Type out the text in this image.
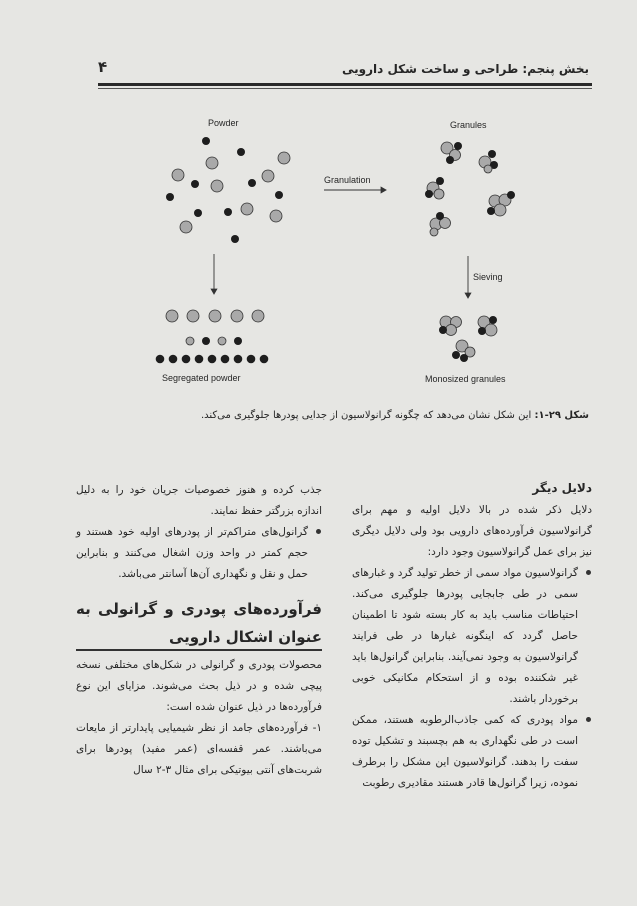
بخش پنجم: طراحی و ساخت شکل دارویی
۴
Powder	Granules
Granulation
Sieving
Segregated powder	Monosized granules
شکل ۲۹-۱: این شکل نشان می‌دهد که چگونه گرانولاسیون از جدایی پودرها جلوگیری می‌کند.
دلایل دیگر

دلایل ذکر شده در بالا دلایل اولیه و مهم برای گرانولاسیون فرآورده‌های دارویی بود ولی دلایل دیگری نیز برای عمل گرانولاسیون وجود دارد:

گرانولاسیون مواد سمی از خطر تولید گرد و غبارهای سمی در طی جابجایی پودرها جلوگیری می‌کند. احتیاطات مناسب باید به کار بسته شود تا اطمینان حاصل گردد که اینگونه غبارها در طی فرایند گرانولاسیون به وجود نمی‌آیند. بنابراین گرانول‌ها باید غیر شکننده بوده و از استحکام مکانیکی خوبی برخوردار باشند.
مواد پودری که کمی جاذب‌الرطوبه هستند، ممکن است در طی نگهداری به هم بچسبند و تشکیل توده سفت را بدهند. گرانولاسیون این مشکل را برطرف نموده، زیرا گرانول‌ها قادر هستند مقادیری رطوبت

جذب کرده و هنوز خصوصیات جریان خود را به دلیل اندازه بزرگتر حفظ نمایند.

گرانول‌های متراکم‌تر از پودرهای اولیه خود هستند و حجم کمتر در واحد وزن اشغال می‌کنند و بنابراین حمل و نقل و نگهداری آن‌ها آسانتر می‌باشد.
فرآورده‌های پودری و گرانولی به عنوان اشکال دارویی

محصولات پودری و گرانولی در شکل‌های مختلفی نسخه پیچی شده و در ذیل بحث می‌شوند. مزایای این نوع فرآورده‌ها در ذیل عنوان شده است:

۱- فرآورده‌های جامد از نظر شیمیایی پایدارتر از مایعات می‌باشند. عمر قفسه‌ای (عمر مفید) پودرها برای شربت‌های آنتی بیوتیکی برای مثال ۳-۲ سال
